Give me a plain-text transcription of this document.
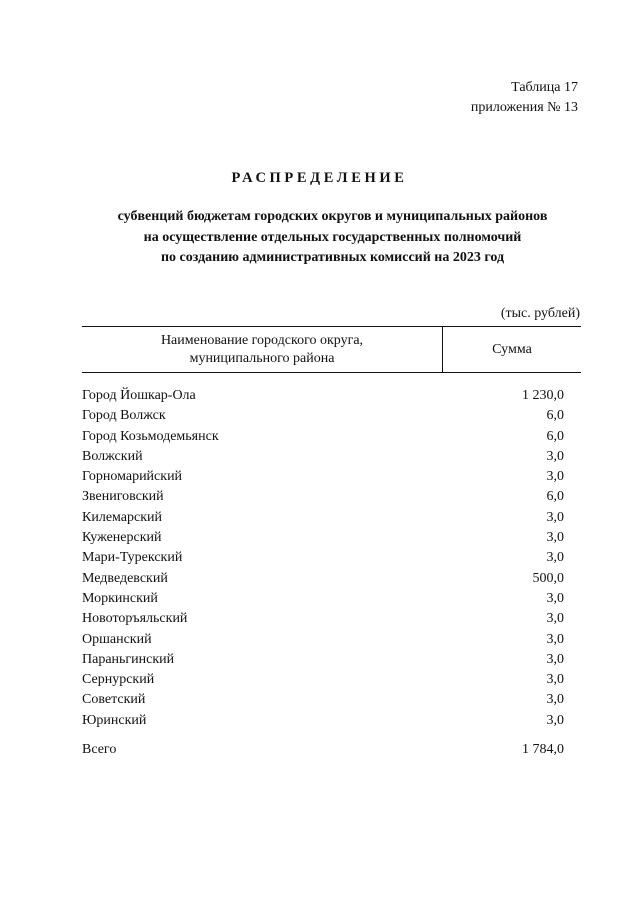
Таблица 17
приложения № 13
РАСПРЕДЕЛЕНИЕ
субвенций бюджетам городских округов и муниципальных районов
на осуществление отдельных государственных полномочий
по созданию административных комиссий на 2023 год
(тыс. рублей)
Наименование городского округа,
муниципального района
Сумма
Город Йошкар-Ола	1 230,0
Город Волжск	6,0
Город Козьмодемьянск	6,0
Волжский	3,0
Горномарийский	3,0
Звениговский	6,0
Килемарский	3,0
Куженерский	3,0
Мари-Турекский	3,0
Медведевский	500,0
Моркинский	3,0
Новоторъяльский	3,0
Оршанский	3,0
Параньгинский	3,0
Сернурский	3,0
Советский	3,0
Юринский	3,0
Всего	1 784,0
